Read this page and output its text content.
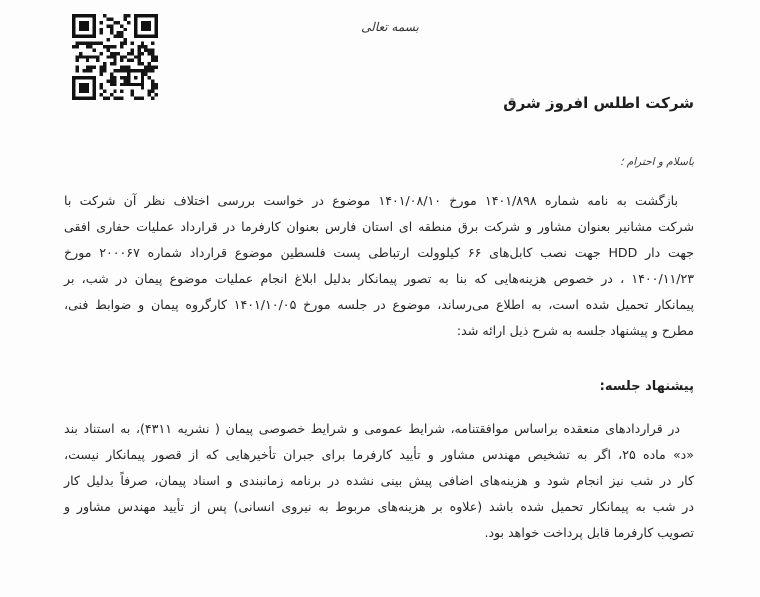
بسمه تعالی
شرکت اطلس افروز شرق
باسلام و احترام ؛
بازگشت به نامه شماره ۱۴۰۱/۸۹۸ مورخ ۱۴۰۱/۰۸/۱۰ موضوع در خواست بررسی اختلاف نظر آن شرکت با
شرکت مشانیر بعنوان مشاور و شرکت برق منطقه ای استان فارس بعنوان کارفرما در قرارداد عملیات حفاری افقی
جهت دار HDD جهت نصب کابل‌های ۶۶ کیلوولت ارتباطی پست فلسطین موضوع قرارداد شماره ۲۰۰۰۶۷ مورخ
۱۴۰۰/۱۱/۲۳ ، در خصوص هزینه‌هایی که بنا به تصور پیمانکار بدلیل ابلاغ انجام عملیات موضوع پیمان در شب، بر
پیمانکار تحمیل شده است، به اطلاع می‌رساند، موضوع در جلسه مورخ ۱۴۰۱/۱۰/۰۵ کارگروه پیمان و ضوابط فنی،
مطرح و پیشنهاد جلسه به شرح ذیل ارائه شد:
پیشنهاد جلسه:
در قراردادهای منعقده براساس موافقتنامه، شرایط عمومی و شرایط خصوصی پیمان ( نشریه ۴۳۱۱)، به استناد بند
«د» ماده ۲۵، اگر به تشخیص مهندس مشاور و تأیید کارفرما برای جبران تأخیرهایی که از قصور پیمانکار نیست،
کار در شب نیز انجام شود و هزینه‌های اضافی پیش بینی نشده در برنامه زمانبندی و اسناد پیمان، صرفاً بدلیل کار
در شب به پیمانکار تحمیل شده باشد (علاوه بر هزینه‌های مربوط به نیروی انسانی) پس از تأیید مهندس مشاور و
تصویب کارفرما قابل پرداخت خواهد بود.
